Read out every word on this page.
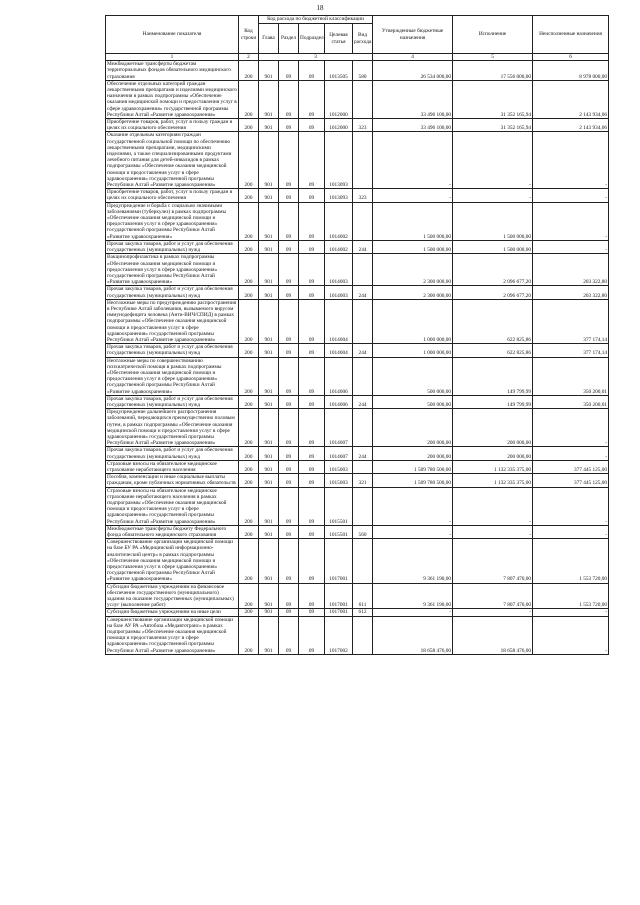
18
Наименование показателя	Код строки	Код расхода по бюджетной классификации					Утвержденные бюджетные назначения	Исполнение	Неисполненные назначения
		Глава	Раздел	Подраздел	Целевая статья	Вид расхода			
1	2	3					4	5	6
Межбюджетные трансферты бюджетам территориальных фондов обязательного медицинского страхования	200	901	09	09	1013505	580	26 534 000,00	17 556 000,00	8 978 000,00
Обеспечение отдельных категорий граждан лекарственными препаратами и изделиями медицинского назначения в рамках подпрограммы «Обеспечение оказания медицинской помощи и предоставления услуг в сфере здравоохранения» государственной программы Республики Алтай «Развитие здравоохранения»	200	901	09	09	1012000		33 496 100,00	31 352 165,94	2 143 934,06
Приобретение товаров, работ, услуг в пользу граждан в целях их социального обеспечения	200	901	09	09	1012000	323	33 496 100,00	31 352 165,94	2 143 934,06
Оказание отдельным категориям граждан государственной социальной помощи по обеспечению лекарственными препаратами, медицинскими изделиями, а также специализированными продуктами лечебного питания для детей-инвалидов в рамках подпрограммы «Обеспечение оказания медицинской помощи и предоставления услуг в сфере здравоохранения» государственной программы Республики Алтай «Развитие здравоохранения»	200	901	09	09	1013093		-	-	-
Приобретение товаров, работ, услуг в пользу граждан в целях их социального обеспечения	200	901	09	09	1013093	323	-	-	-
Предупреждение и борьба с социально значимыми заболеваниями (туберкулез) в рамках подпрограммы «Обеспечение оказания медицинской помощи и предоставления услуг в сфере здравоохранения» государственной программы Республики Алтай «Развитие здравоохранения»	200	901	09	09	1014002		1 500 000,00	1 500 000,00	-
Прочая закупка товаров, работ и услуг для обеспечения государственных (муниципальных) нужд	200	901	09	09	1014002	244	1 500 000,00	1 500 000,00	-
Вакцинопрофилактика в рамках подпрограммы «Обеспечение оказания медицинской помощи и предоставления услуг в сфере здравоохранения» государственной программы Республики Алтай «Развитие здравоохранения»	200	901	09	09	1014003		2 300 000,00	2 096 677,20	203 322,80
Прочая закупка товаров, работ и услуг для обеспечения государственных (муниципальных) нужд	200	901	09	09	1014003	244	2 300 000,00	2 096 677,20	203 322,80
Неотложные меры по предупреждению распространения в Республике Алтай заболевания, вызываемого вирусом иммунодефицита человека (Анти-ВИЧ/СПИД) в рамках подпрограммы «Обеспечение оказания медицинской помощи и предоставления услуг в сфере здравоохранения» государственной программы Республики Алтай «Развитие здравоохранения»	200	901	09	09	1014004		1 000 000,00	622 825,86	377 174,14
Прочая закупка товаров, работ и услуг для обеспечения государственных (муниципальных) нужд	200	901	09	09	1014004	244	1 000 000,00	622 825,86	377 174,14
Неотложные меры по совершенствованию психиатрической помощи в рамках подпрограммы «Обеспечение оказания медицинской помощи и предоставления услуг в сфере здравоохранения» государственной программы Республики Алтай «Развитие здравоохранения»	200	901	09	09	1014006		500 000,00	149 799,99	350 200,01
Прочая закупка товаров, работ и услуг для обеспечения государственных (муниципальных) нужд	200	901	09	09	1014006	244	500 000,00	149 799,99	350 200,01
Предупреждение дальнейшего распространения заболеваний, передающихся преимущественно половым путем, в рамках подпрограммы «Обеспечение оказания медицинской помощи и предоставления услуг в сфере здравоохранения» государственной программы Республики Алтай «Развитие здравоохранения»	200	901	09	09	1014007		200 000,00	200 000,00	-
Прочая закупка товаров, работ и услуг для обеспечения государственных (муниципальных) нужд	200	901	09	09	1014007	244	200 000,00	200 000,00	-
Страховые взносы на обязательное медицинское страхование неработающего населения	200	901	09	09	1015003		1 509 780 500,00	1 132 335 375,00	377 445 125,00
Пособия, компенсации и иные социальные выплаты гражданам, кроме публичных нормативных обязательств	200	901	09	09	1015003	321	1 509 780 500,00	1 132 335 375,00	377 445 125,00
Страховые взносы на обязательное медицинское страхование неработающего населения в рамках подпрограммы «Обеспечение оказания медицинской помощи и предоставления услуг в сфере здравоохранения» государственной программы Республики Алтай «Развитие здравоохранения»	200	901	09	09	1015501		-	-	-
Межбюджетные трансферты бюджету Федерального фонда обязательного медицинского страхования	200	901	09	09	1015501	560	-	-	-
Совершенствование организации медицинской помощи на базе БУ РА «Медицинский информационно-аналитический центр» в рамках подпрограммы «Обеспечение оказания медицинской помощи и предоставления услуг в сфере здравоохранения» государственной программы Республики Алтай «Развитие здравоохранения»	200	901	09	09	1017001		9 361 190,00	7 807 470,00	1 553 720,00
Субсидии бюджетным учреждениям на финансовое обеспечение государственного (муниципального) задания на оказание государственных (муниципальных) услуг (выполнение работ)	200	901	09	09	1017001	611	9 361 190,00	7 807 470,00	1 553 720,00
Субсидии бюджетным учреждениям на иные цели	200	901	09	09	1017001	612	-	-	-
Совершенствование организации медицинской помощи на базе АУ РА «Автобаза «Медавтотранс» в рамках подпрограммы «Обеспечение оказания медицинской помощи и предоставления услуг в сфере здравоохранения» государственной программы Республики Алтай «Развитие здравоохранения»	200	901	09	09	1017002		18 658 476,00	18 658 476,00	-
